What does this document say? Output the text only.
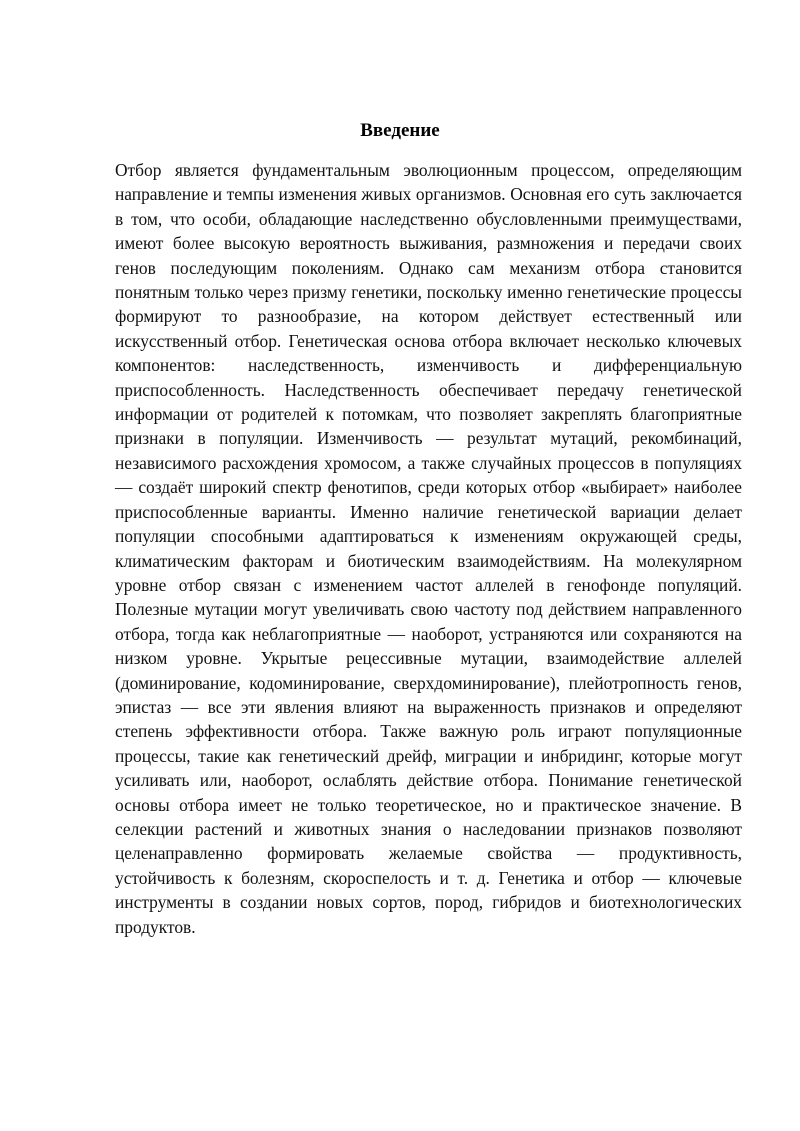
Введение

Отбор является фундаментальным эволюционным процессом, определяющим направление и темпы изменения живых организмов. Основная его суть заключается в том, что особи, обладающие наследственно обусловленными преимуществами, имеют более высокую вероятность выживания, размножения и передачи своих генов последующим поколениям. Однако сам механизм отбора становится понятным только через призму генетики, поскольку именно генетические процессы формируют то разнообразие, на котором действует естественный или искусственный отбор. Генетическая основа отбора включает несколько ключевых компонентов: наследственность, изменчивость и дифференциальную приспособленность. Наследственность обеспечивает передачу генетической информации от родителей к потомкам, что позволяет закреплять благоприятные признаки в популяции. Изменчивость — результат мутаций, рекомбинаций, независимого расхождения хромосом, а также случайных процессов в популяциях — создаёт широкий спектр фенотипов, среди которых отбор «выбирает» наиболее приспособленные варианты. Именно наличие генетической вариации делает популяции способными адаптироваться к изменениям окружающей среды, климатическим факторам и биотическим взаимодействиям. На молекулярном уровне отбор связан с изменением частот аллелей в генофонде популяций. Полезные мутации могут увеличивать свою частоту под действием направленного отбора, тогда как неблагоприятные — наоборот, устраняются или сохраняются на низком уровне. Укрытые рецессивные мутации, взаимодействие аллелей (доминирование, кодоминирование, сверхдоминирование), плейотропность генов, эпистаз — все эти явления влияют на выраженность признаков и определяют степень эффективности отбора. Также важную роль играют популяционные процессы, такие как генетический дрейф, миграции и инбридинг, которые могут усиливать или, наоборот, ослаблять действие отбора. Понимание генетической основы отбора имеет не только теоретическое, но и практическое значение. В селекции растений и животных знания о наследовании признаков позволяют целенаправленно формировать желаемые свойства — продуктивность, устойчивость к болезням, скороспелость и т. д. Генетика и отбор — ключевые инструменты в создании новых сортов, пород, гибридов и биотехнологических продуктов.
